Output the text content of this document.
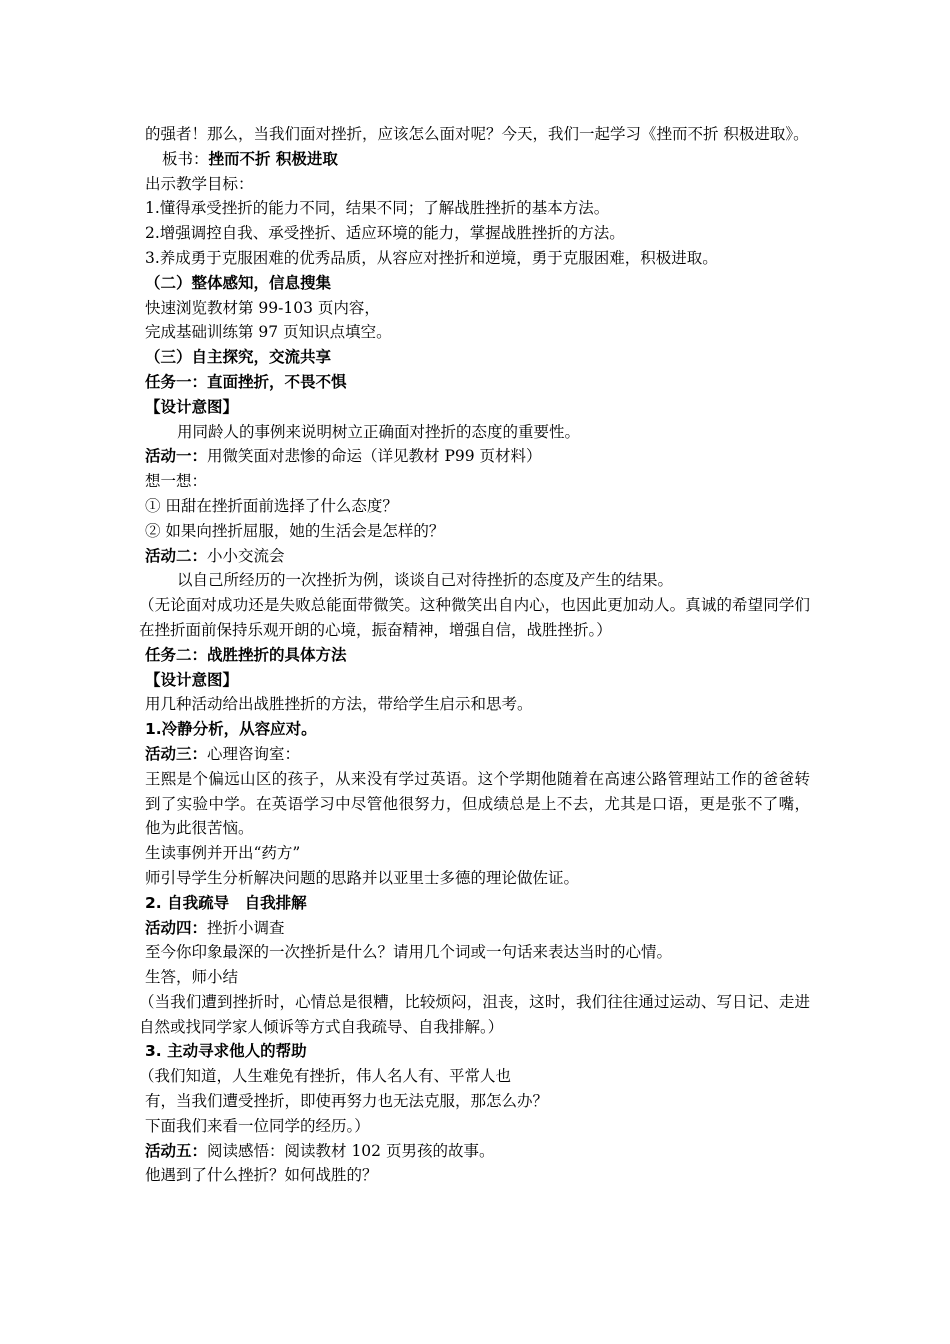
的强者！那么，当我们面对挫折，应该怎么面对呢？今天，我们一起学习《挫而不折 积极进取》。
板书：挫而不折 积极进取
出示教学目标：
1.懂得承受挫折的能力不同，结果不同；了解战胜挫折的基本方法。
2.增强调控自我、承受挫折、适应环境的能力，掌握战胜挫折的方法。
3.养成勇于克服困难的优秀品质，从容应对挫折和逆境，勇于克服困难，积极进取。
（二）整体感知，信息搜集
快速浏览教材第 99-103 页内容，
完成基础训练第 97 页知识点填空。
（三）自主探究，交流共享
任务一：直面挫折，不畏不惧
【设计意图】
用同龄人的事例来说明树立正确面对挫折的态度的重要性。
活动一：用微笑面对悲惨的命运（详见教材 P99 页材料）
想一想：
① 田甜在挫折面前选择了什么态度？
② 如果向挫折屈服，她的生活会是怎样的？
活动二：小小交流会
以自己所经历的一次挫折为例，谈谈自己对待挫折的态度及产生的结果。
（无论面对成功还是失败总能面带微笑。这种微笑出自内心，也因此更加动人。真诚的希望同学们在挫折面前保持乐观开朗的心境，振奋精神，增强自信，战胜挫折。）
任务二：战胜挫折的具体方法
【设计意图】
用几种活动给出战胜挫折的方法，带给学生启示和思考。
1.冷静分析，从容应对。
活动三：心理咨询室：
王熙是个偏远山区的孩子，从来没有学过英语。这个学期他随着在高速公路管理站工作的爸爸转到了实验中学。在英语学习中尽管他很努力，但成绩总是上不去，尤其是口语，更是张不了嘴，他为此很苦恼。
生读事例并开出“药方”
师引导学生分析解决问题的思路并以亚里士多德的理论做佐证。
2. 自我疏导　自我排解
活动四：挫折小调查
至今你印象最深的一次挫折是什么？请用几个词或一句话来表达当时的心情。
生答，师小结
（当我们遭到挫折时，心情总是很糟，比较烦闷，沮丧，这时，我们往往通过运动、写日记、走进自然或找同学家人倾诉等方式自我疏导、自我排解。）
3. 主动寻求他人的帮助
（我们知道，人生难免有挫折，伟人名人有、平常人也
有，当我们遭受挫折，即使再努力也无法克服，那怎么办？
下面我们来看一位同学的经历。）
活动五：阅读感悟：阅读教材 102 页男孩的故事。
他遇到了什么挫折？如何战胜的？
